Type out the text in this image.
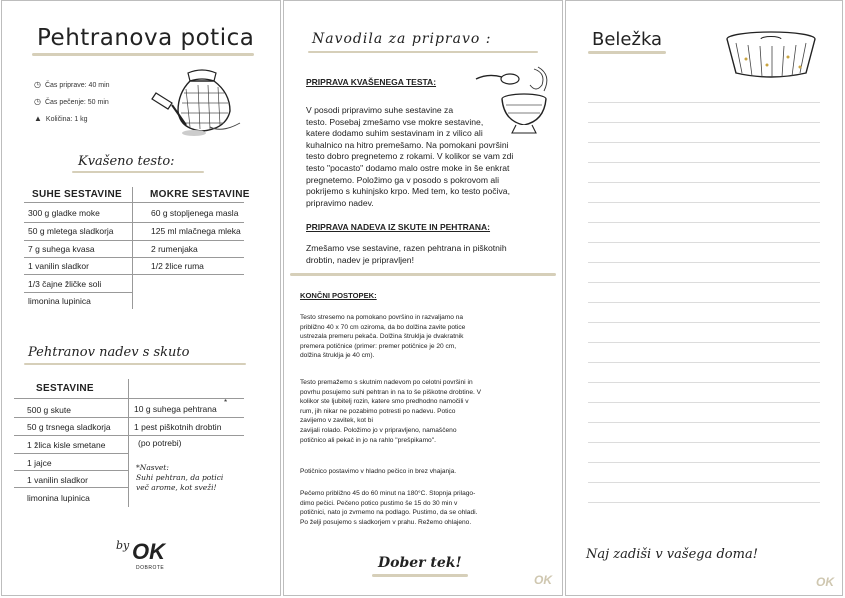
Pehtranova potica
◷ Čas priprave: 40 min
◷ Čas pečenje: 50 min
▲ Količina: 1 kg
Kvašeno testo:
SUHE SESTAVINE	MOKRE SESTAVINE
300 g gladke moke
50 g mletega sladkorja
7 g suhega kvasa
1 vanilin sladkor
1/3 čajne žličke soli
limonina lupinica
60 g stopljenega masla
125 ml mlačnega mleka
2 rumenjaka
1/2 žlice ruma
Pehtranov nadev s skuto
SESTAVINE
500 g skute
50 g trsnega sladkorja
1 žlica kisle smetane
1 jajce
1 vanilin sladkor
limonina lupinica
10 g suhega pehtrana
*
1 pest piškotnih drobtin
(po potrebi)
*Nasvet:
Suhi pehtran, da potici
več arome, kot sveži!
by OK
DOBROTE
Navodila za pripravo :
PRIPRAVA KVAŠENEGA TESTA:
V posodi pripravimo suhe sestavine za
testo. Posebaj zmešamo vse mokre sestavine,
katere dodamo suhim sestavinam in z vilico ali
kuhalnico na hitro premešamo. Na pomokani površini
testo dobro pregnetemo z rokami. V kolikor se vam zdi
testo "pocasto" dodamo malo ostre moke in še enkrat
pregnetemo. Položimo ga v posodo s pokrovom ali
pokrijemo s kuhinjsko krpo. Med tem, ko testo počiva,
pripravimo nadev.
PRIPRAVA NADEVA IZ SKUTE IN PEHTRANA:
Zmešamo vse sestavine, razen pehtrana in piškotnih
drobtin, nadev je pripravljen!
KONČNI POSTOPEK:
Testo stresemo na pomokano površino in razvaljamo na
približno 40 x 70 cm oziroma, da bo dolžina zavite potice
ustrezala premeru pekača. Dolžina štruklja je dvakratnik
premera potičnice (primer: premer potičnice je 20 cm,
dolžina štruklja je 40 cm).
Testo premažemo s skutnim nadevom po celotni površini in
povrhu posujemo suhi pehtran in na to še piškotne drobtine. V
kolikor ste ljubitelj rozin, katere smo predhodno namočili v
rum, jih nikar ne pozabimo potresti po nadevu. Potico
zavijemo v zavitek, kot bi
zavijali rolado. Položimo jo v pripravljeno, namaščeno
potičnico ali pekač in jo na rahlo "prešpikamo".
Potičnico postavimo v hladno pečico in brez vhajanja.
Pečemo približno 45 do 60 minut na 180°C. Stopnja prilago-
dimo pečici. Pečeno potico pustimo še 15 do 30 min v
potičnici, nato jo zvrnemo na podlago. Pustimo, da se ohladi.
Po želji posujemo s sladkorjem v prahu. Režemo ohlajeno.
Dober tek!
OK
Beležka
Naj zadiši v vašega doma!
OK
